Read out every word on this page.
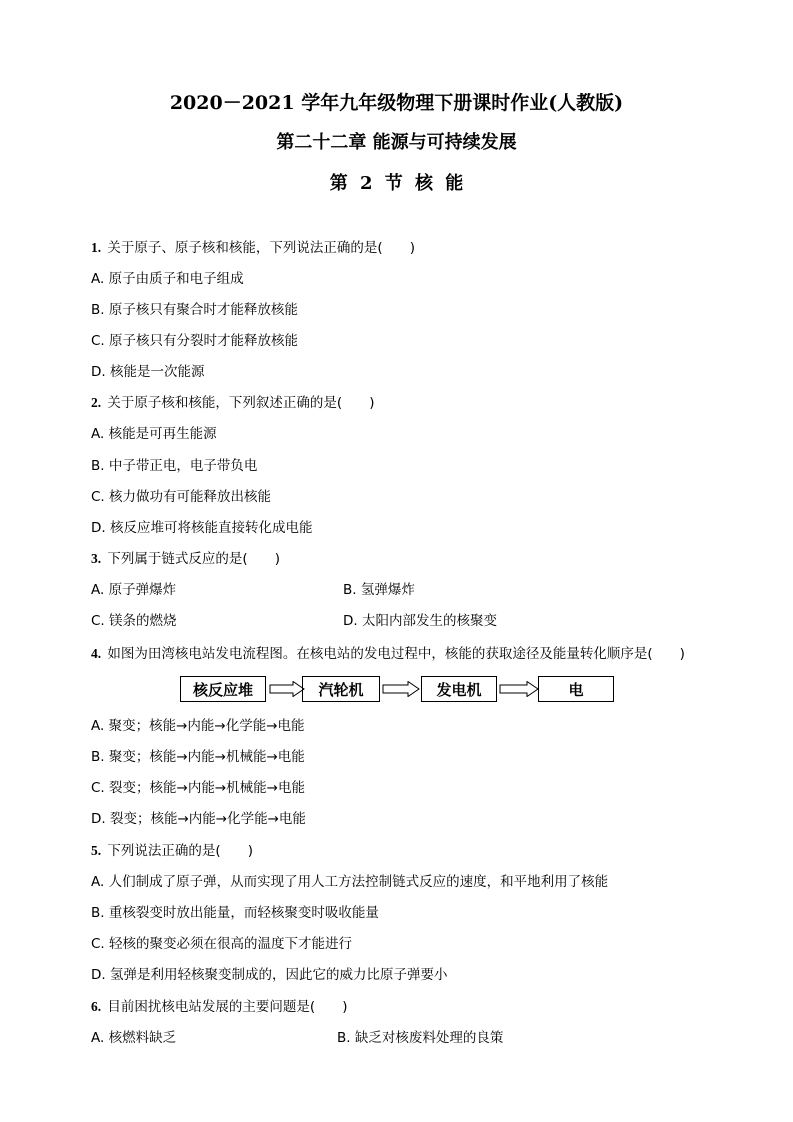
2020－2021 学年九年级物理下册课时作业(人教版)
第二十二章 能源与可持续发展
第 2 节 核 能
1. 关于原子、原子核和核能，下列说法正确的是(　　)
A. 原子由质子和电子组成
B. 原子核只有聚合时才能释放核能
C. 原子核只有分裂时才能释放核能
D. 核能是一次能源
2. 关于原子核和核能，下列叙述正确的是(　　)
A. 核能是可再生能源
B. 中子带正电，电子带负电
C. 核力做功有可能释放出核能
D. 核反应堆可将核能直接转化成电能
3. 下列属于链式反应的是(　　)
A. 原子弹爆炸	B. 氢弹爆炸
C. 镁条的燃烧	D. 太阳内部发生的核聚变
4. 如图为田湾核电站发电流程图。在核电站的发电过程中，核能的获取途径及能量转化顺序是(　　)
核反应堆	汽轮机	发电机	电
A. 聚变；核能→内能→化学能→电能
B. 聚变；核能→内能→机械能→电能
C. 裂变；核能→内能→机械能→电能
D. 裂变；核能→内能→化学能→电能
5. 下列说法正确的是(　　)
A. 人们制成了原子弹，从而实现了用人工方法控制链式反应的速度，和平地利用了核能
B. 重核裂变时放出能量，而轻核聚变时吸收能量
C. 轻核的聚变必须在很高的温度下才能进行
D. 氢弹是利用轻核聚变制成的，因此它的威力比原子弹要小
6. 目前困扰核电站发展的主要问题是(　　)
A. 核燃料缺乏	B. 缺乏对核废料处理的良策
